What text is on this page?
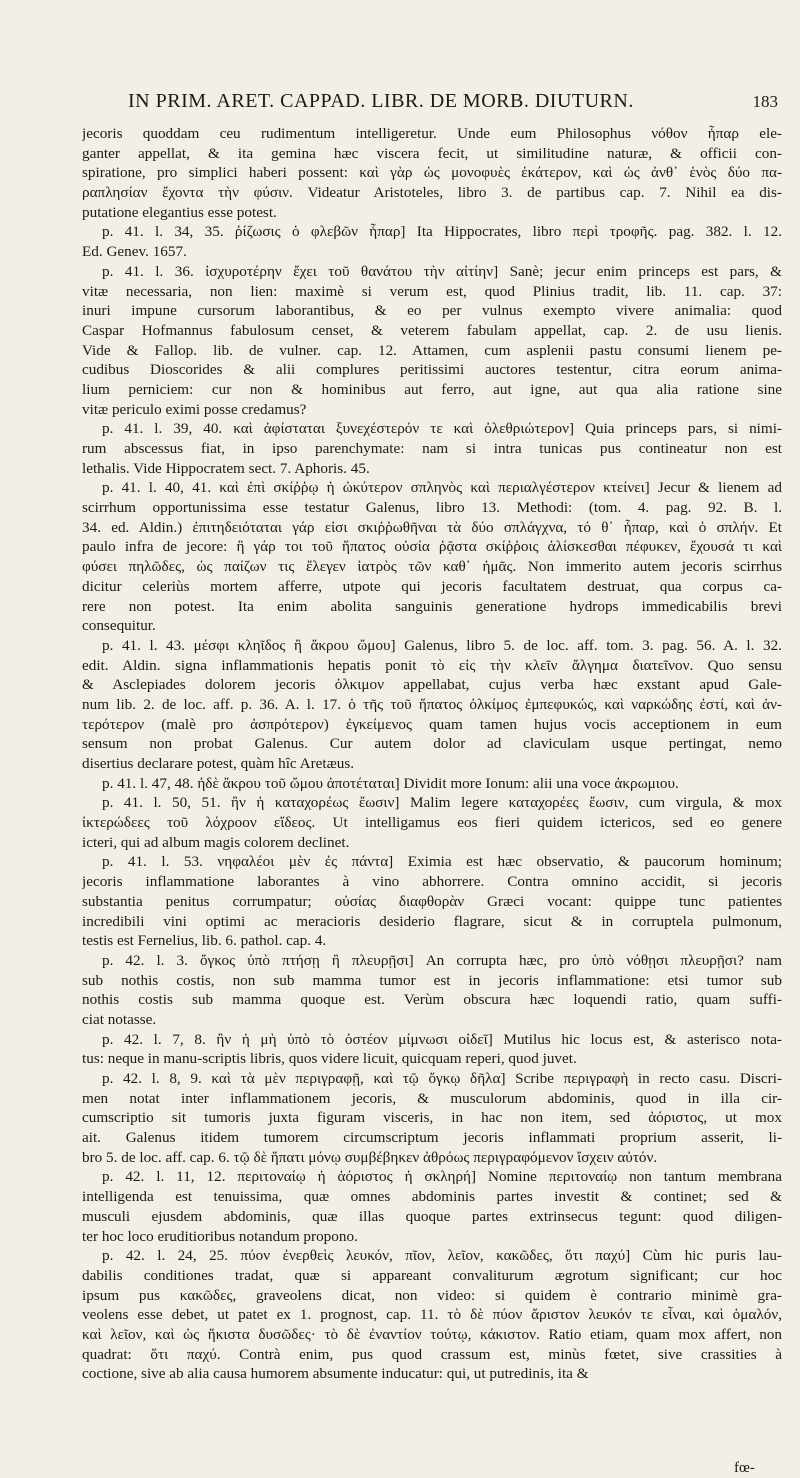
IN PRIM. ARET. CAPPAD. LIBR. DE MORB. DIUTURN.	183
jecoris quoddam ceu rudimentum intelligeretur. Unde eum Philosophus νόθον ἧπαρ ele-
ganter appellat, & ita gemina hæc viscera fecit, ut similitudine naturæ, & officii con-
spiratione, pro simplici haberi possent: καὶ γὰρ ὡς μονοφυὲς ἑκάτερον, καὶ ὡς ἀνθ᾽ ἑνὸς δύο πα-
ραπλησίαν ἔχοντα τὴν φύσιν. Videatur Aristoteles, libro 3. de partibus cap. 7. Nihil ea dis-
putatione elegantius esse potest.
p. 41. l. 34, 35. ῥίζωσις ὁ φλεβῶν ἧπαρ] Ita Hippocrates, libro περὶ τροφῆς. pag. 382. l. 12.
Ed. Genev. 1657.
p. 41. l. 36. ἰσχυροτέρην ἔχει τοῦ θανάτου τὴν αἰτίην] Sanè; jecur enim princeps est pars, &
vitæ necessaria, non lien: maximè si verum est, quod Plinius tradit, lib. 11. cap. 37:
inuri impune cursorum laborantibus, & eo per vulnus exempto vivere animalia: quod
Caspar Hofmannus fabulosum censet, & veterem fabulam appellat, cap. 2. de usu lienis.
Vide & Fallop. lib. de vulner. cap. 12. Attamen, cum asplenii pastu consumi lienem pe-
cudibus Dioscorides & alii complures peritissimi auctores testentur, citra eorum anima-
lium perniciem: cur non & hominibus aut ferro, aut igne, aut qua alia ratione sine
vitæ periculo eximi posse credamus?
p. 41. l. 39, 40. καὶ ἀφίσταται ξυνεχέστερόν τε καὶ ὀλεθριώτερον] Quia princeps pars, si nimi-
rum abscessus fiat, in ipso parenchymate: nam si intra tunicas pus contineatur non est
lethalis. Vide Hippocratem sect. 7. Aphoris. 45.
p. 41. l. 40, 41. καὶ ἐπὶ σκίῤῥῳ ἡ ὠκύτερον σπληνὸς καὶ περιαλγέστερον κτείνει] Jecur & lienem ad
scirrhum opportunissima esse testatur Galenus, libro 13. Methodi: (tom. 4. pag. 92. B. l.
34. ed. Aldin.) ἐπιτηδειόταται γάρ εἰσι σκιῤῥωθῆναι τὰ δύο σπλάγχνα, τό θ᾽ ἧπαρ, καὶ ὁ σπλήν. Et
paulo infra de jecore: ἣ γάρ τοι τοῦ ἥπατος οὐσία ῥᾷστα σκίῤῥοις ἁλίσκεσθαι πέφυκεν, ἔχουσά τι καὶ
φύσει πηλῶδες, ὡς παίζων τις ἔλεγεν ἰατρὸς τῶν καθ᾽ ἡμᾶς. Non immerito autem jecoris scirrhus
dicitur celeriùs mortem afferre, utpote qui jecoris facultatem destruat, qua corpus ca-
rere non potest. Ita enim abolita sanguinis generatione hydrops immedicabilis brevi
consequitur.
p. 41. l. 43. μέσφι κληῖδος ἢ ἄκρου ὤμου] Galenus, libro 5. de loc. aff. tom. 3. pag. 56. A. l. 32.
edit. Aldin. signa inflammationis hepatis ponit τὸ εἰς τὴν κλεῖν ἄλγημα διατεῖνον. Quo sensu
& Asclepiades dolorem jecoris ὀλκιμον appellabat, cujus verba hæc exstant apud Gale-
num lib. 2. de loc. aff. p. 36. A. l. 17. ὁ τῆς τοῦ ἥπατος ὀλκίμος ἐμπεφυκώς, καὶ ναρκώδης ἐστί, καὶ ἀν-
τερότερον (malè pro ἀσπρότερον) ἐγκείμενος quam tamen hujus vocis acceptionem in eum
sensum non probat Galenus. Cur autem dolor ad claviculam usque pertingat, nemo
disertius declarare potest, quàm hîc Aretæus.
p. 41. l. 47, 48. ἠδὲ ἄκρου τοῦ ὤμου ἀποτέταται] Dividit more Ionum: alii una voce ἀκρωμιου.
p. 41. l. 50, 51. ἢν ἡ καταχορέως ἔωσιν] Malim legere καταχορέες ἔωσιν, cum virgula, & mox
ἰκτερώδεες τοῦ λόχροον εἴδεος. Ut intelligamus eos fieri quidem ictericos, sed eo genere
icteri, qui ad album magis colorem declinet.
p. 41. l. 53. νηφαλέοι μὲν ἐς πάντα] Eximia est hæc observatio, & paucorum hominum;
jecoris inflammatione laborantes à vino abhorrere. Contra omnino accidit, si jecoris
substantia penitus corrumpatur; οὐσίας διαφθορὰν Græci vocant: quippe tunc patientes
incredibili vini optimi ac meracioris desiderio flagrare, sicut & in corruptela pulmonum,
testis est Fernelius, lib. 6. pathol. cap. 4.
p. 42. l. 3. ὄγκος ὑπὸ πτήσῃ ἢ πλευρῇσι] An corrupta hæc, pro ὑπὸ νόθῃσι πλευρῇσι? nam
sub nothis costis, non sub mamma tumor est in jecoris inflammatione: etsi tumor sub
nothis costis sub mamma quoque est. Verùm obscura hæc loquendi ratio, quam suffi-
ciat notasse.
p. 42. l. 7, 8. ἢν ἡ μὴ ὑπὸ τὸ ὀστέον μίμνωσι οἰδεῖ] Mutilus hic locus est, & asterisco nota-
tus: neque in manu-scriptis libris, quos videre licuit, quicquam reperi, quod juvet.
p. 42. l. 8, 9. καὶ τὰ μὲν περιγραφῇ, καὶ τῷ ὄγκῳ δῆλα] Scribe περιγραφὴ in recto casu. Discri-
men notat inter inflammationem jecoris, & musculorum abdominis, quod in illa cir-
cumscriptio sit tumoris juxta figuram visceris, in hac non item, sed ἀόριστος, ut mox
ait. Galenus itidem tumorem circumscriptum jecoris inflammati proprium asserit, li-
bro 5. de loc. aff. cap. 6. τῷ δὲ ἥπατι μόνῳ συμβέβηκεν ἀθρόως περιγραφόμενον ἴσχειν αὐτόν.
p. 42. l. 11, 12. περιτοναίῳ ἡ ἀόριστος ἡ σκληρή] Nomine περιτοναίῳ non tantum membrana
intelligenda est tenuissima, quæ omnes abdominis partes investit & continet; sed &
musculi ejusdem abdominis, quæ illas quoque partes extrinsecus tegunt: quod diligen-
ter hoc loco eruditioribus notandum propono.
p. 42. l. 24, 25. πύον ἐνερθεὶς λευκόν, πῖον, λεῖον, κακῶδες, ὅτι παχύ] Cùm hic puris lau-
dabilis conditiones tradat, quæ si appareant convaliturum ægrotum significant; cur hoc
ipsum pus κακῶδες, graveolens dicat, non video: si quidem è contrario minimè gra-
veolens esse debet, ut patet ex 1. prognost, cap. 11. τὸ δὲ πύον ἄριστον λευκόν τε εἶναι, καὶ ὁμαλόν,
καὶ λεῖον, καὶ ὡς ἥκιστα δυσῶδες· τὸ δὲ ἐναντίον τούτῳ, κάκιστον. Ratio etiam, quam mox affert, non
quadrat: ὅτι παχύ. Contrà enim, pus quod crassum est, minùs fœtet, sive crassities à
coctione, sive ab alia causa humorem absumente inducatur: qui, ut putredinis, ita &
fœ-
